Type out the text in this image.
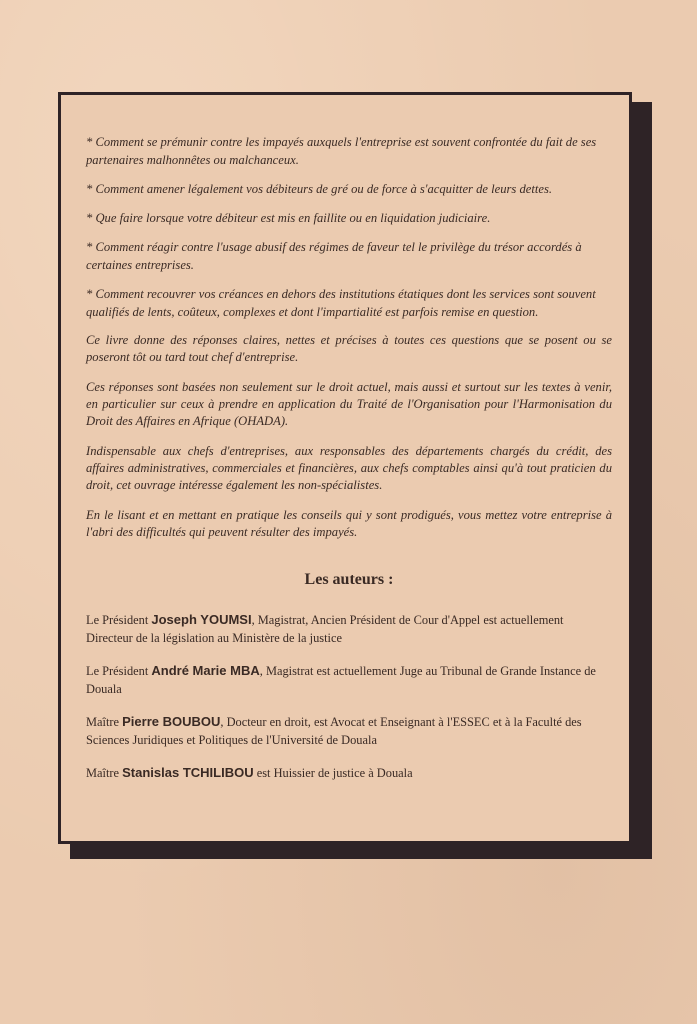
* Comment se prémunir contre les impayés auxquels l'entreprise est souvent confrontée du fait de ses partenaires malhonnêtes ou malchanceux.

* Comment amener légalement vos débiteurs de gré ou de force à s'acquitter de leurs dettes.

* Que faire lorsque votre débiteur est mis en faillite ou en liquidation judiciaire.

* Comment réagir contre l'usage abusif des régimes de faveur tel le privilège du trésor accordés à certaines entreprises.

* Comment recouvrer vos créances en dehors des institutions étatiques dont les services sont souvent qualifiés de lents, coûteux, complexes et dont l'impartialité est parfois remise en question.

Ce livre donne des réponses claires, nettes et précises à toutes ces questions que se posent ou se poseront tôt ou tard tout chef d'entreprise.

Ces réponses sont basées non seulement sur le droit actuel, mais aussi et surtout sur les textes à venir, en particulier sur ceux à prendre en application du Traité de l'Organisation pour l'Harmonisation du Droit des Affaires en Afrique (OHADA).

Indispensable aux chefs d'entreprises, aux responsables des départements chargés du crédit, des affaires administratives, commerciales et financières, aux chefs comptables ainsi qu'à tout praticien du droit, cet ouvrage intéresse également les non-spécialistes.

En le lisant et en mettant en pratique les conseils qui y sont prodigués, vous mettez votre entreprise à l'abri des difficultés qui peuvent résulter des impayés.

Les auteurs :

Le Président Joseph YOUMSI, Magistrat, Ancien Président de Cour d'Appel est actuellement Directeur de la législation au Ministère de la justice

Le Président André Marie MBA, Magistrat est actuellement Juge au Tribunal de Grande Instance de Douala

Maître Pierre BOUBOU, Docteur en droit, est Avocat et Enseignant à l'ESSEC et à la Faculté des Sciences Juridiques et Politiques de l'Université de Douala

Maître Stanislas TCHILIBOU est Huissier de justice à Douala
